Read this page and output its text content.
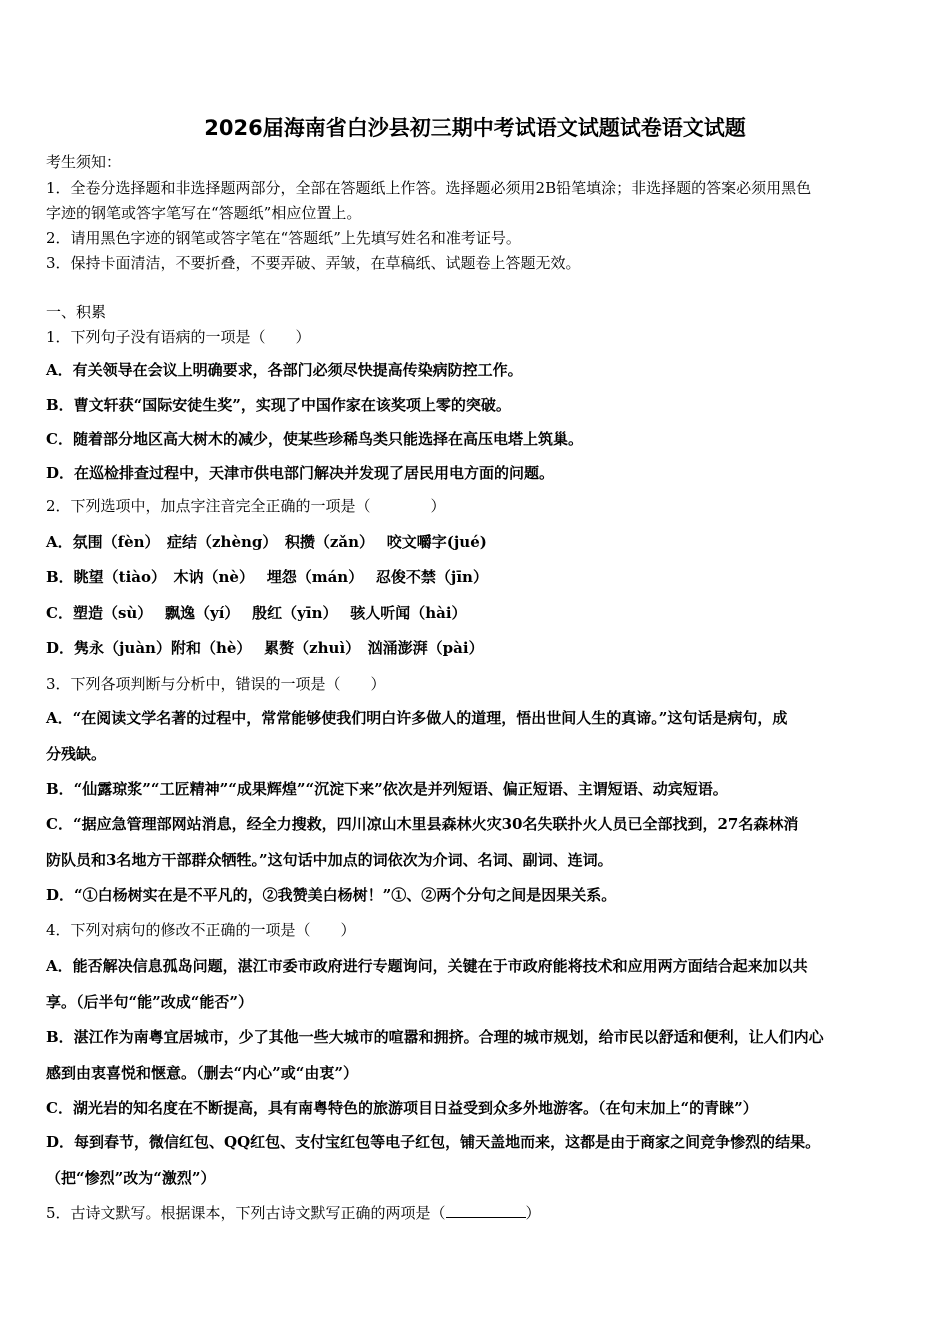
2026届海南省白沙县初三期中考试语文试题试卷语文试题
考生须知：
1．全卷分选择题和非选择题两部分，全部在答题纸上作答。选择题必须用2B铅笔填涂；非选择题的答案必须用黑色
字迹的钢笔或答字笔写在“答题纸”相应位置上。
2．请用黑色字迹的钢笔或答字笔在“答题纸”上先填写姓名和准考证号。
3．保持卡面清洁，不要折叠，不要弄破、弄皱，在草稿纸、试题卷上答题无效。
一、积累
1．下列句子没有语病的一项是（　　）
A．有关领导在会议上明确要求，各部门必须尽快提高传染病防控工作。
B．曹文轩获“国际安徒生奖”，实现了中国作家在该奖项上零的突破。
C．随着部分地区高大树木的减少，使某些珍稀鸟类只能选择在高压电塔上筑巢。
D．在巡检排查过程中，天津市供电部门解决并发现了居民用电方面的问题。
2．下列选项中，加点字注音完全正确的一项是（　　　　）
A．氛围（fèn）　症结（zhèng）　积攒（zǎn）　 咬文嚼字(jué)
B．眺望（tiào）　木讷（nè）　 埋怨（mán）　 忍俊不禁（jīn）
C．塑造（sù）　 飘逸（yí）　 殷红（yīn）　 骇人听闻（hài）
D．隽永（juàn）附和（hè）　 累赘（zhuì）　汹涌澎湃（pài）
3．下列各项判断与分析中，错误的一项是（　　）
A．“在阅读文学名著的过程中，常常能够使我们明白许多做人的道理，悟出世间人生的真谛。”这句话是病句，成
分残缺。
B．“仙露琼浆”“工匠精神”“成果辉煌”“沉淀下来”依次是并列短语、偏正短语、主谓短语、动宾短语。
C．“据应急管理部网站消息，经全力搜救，四川凉山木里县森林火灾30名失联扑火人员已全部找到，27名森林消
防队员和3名地方干部群众牺牲。”这句话中加点的词依次为介词、名词、副词、连词。
D．“①白杨树实在是不平凡的，②我赞美白杨树！”①、②两个分句之间是因果关系。
4．下列对病句的修改不正确的一项是（　　）
A．能否解决信息孤岛问题，湛江市委市政府进行专题询问，关键在于市政府能将技术和应用两方面结合起来加以共
享。（后半句“能”改成“能否”）
B．湛江作为南粤宜居城市，少了其他一些大城市的喧嚣和拥挤。合理的城市规划，给市民以舒适和便利，让人们内心
感到由衷喜悦和惬意。（删去“内心”或“由衷”）
C．湖光岩的知名度在不断提高，具有南粤特色的旅游项目日益受到众多外地游客。（在句末加上“的青睐”）
D．每到春节，微信红包、QQ红包、支付宝红包等电子红包，铺天盖地而来，这都是由于商家之间竞争惨烈的结果。
（把“惨烈”改为“激烈”）
5．古诗文默写。根据课本，下列古诗文默写正确的两项是（	）
